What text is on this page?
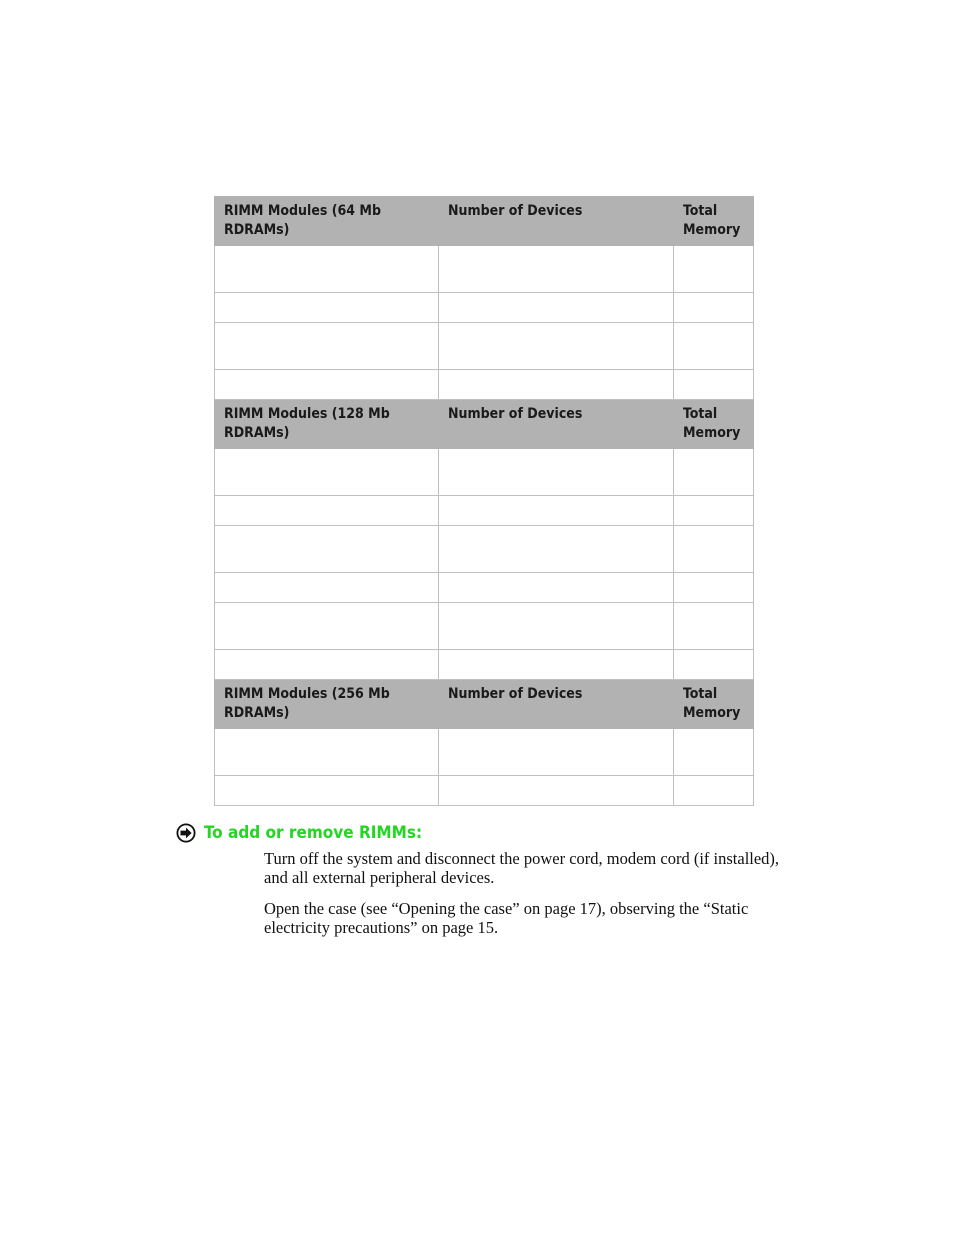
RIMM Modules (64 Mb RDRAMs)	Number of Devices	Total Memory

RIMM Modules (128 Mb RDRAMs)	Number of Devices	Total Memory

RIMM Modules (256 Mb RDRAMs)	Number of Devices	Total Memory

To add or remove RIMMs:

Turn off the system and disconnect the power cord, modem cord (if installed), and all external peripheral devices.

Open the case (see “Opening the case” on page 17), observing the “Static electricity precautions” on page 15.
